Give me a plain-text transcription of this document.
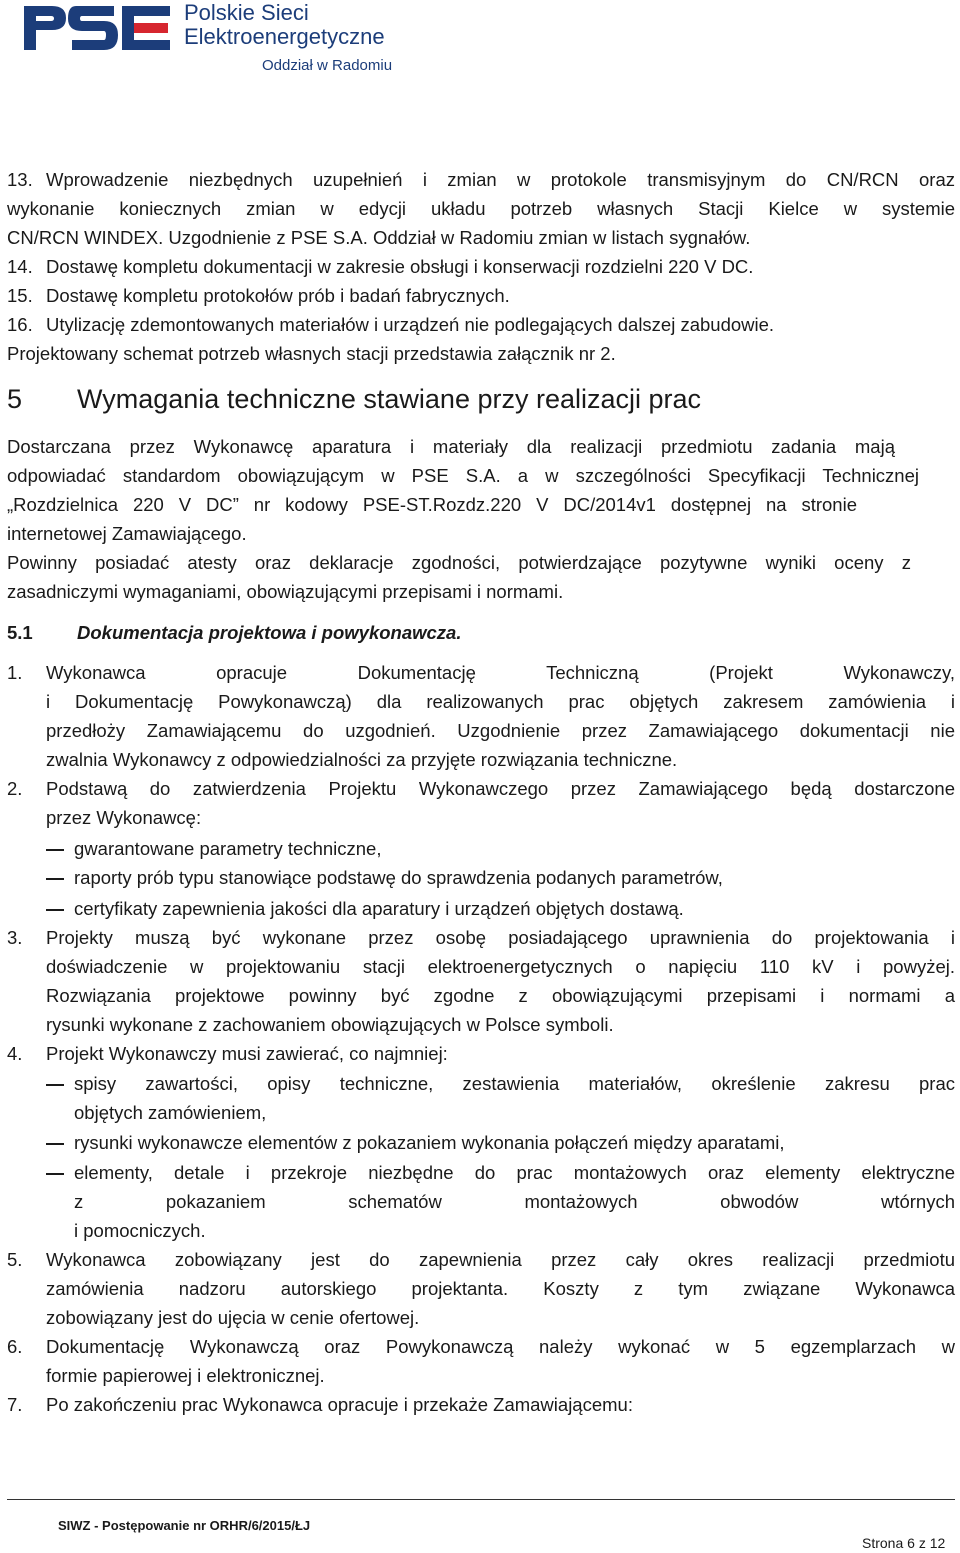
Polskie Sieci
Elektroenergetyczne
Oddział w Radomiu
13. Wprowadzenie niezbędnych uzupełnień i zmian w protokole transmisyjnym do CN/RCN oraz
wykonanie koniecznych zmian w edycji układu potrzeb własnych Stacji Kielce w systemie
CN/RCN WINDEX. Uzgodnienie z PSE S.A. Oddział w Radomiu zmian w listach sygnałów.
14. Dostawę kompletu dokumentacji w zakresie obsługi i konserwacji rozdzielni 220 V DC.
15. Dostawę kompletu protokołów prób i badań fabrycznych.
16. Utylizację zdemontowanych materiałów i urządzeń nie podlegających dalszej zabudowie.
Projektowany schemat potrzeb własnych stacji przedstawia załącznik nr 2.
5 Wymagania techniczne stawiane przy realizacji prac
Dostarczana przez Wykonawcę aparatura i materiały dla realizacji przedmiotu zadania mają
odpowiadać standardom obowiązującym w PSE S.A. a w szczególności Specyfikacji Technicznej
„Rozdzielnica 220 V DC” nr kodowy PSE-ST.Rozdz.220 V DC/2014v1 dostępnej na stronie
internetowej Zamawiającego.
Powinny posiadać atesty oraz deklaracje zgodności, potwierdzające pozytywne wyniki oceny z
zasadniczymi wymaganiami, obowiązującymi przepisami i normami.
5.1 Dokumentacja projektowa i powykonawcza.
1. Wykonawca opracuje Dokumentację Techniczną (Projekt Wykonawczy,
i Dokumentację Powykonawczą) dla realizowanych prac objętych zakresem zamówienia i
przedłoży Zamawiającemu do uzgodnień. Uzgodnienie przez Zamawiającego dokumentacji nie
zwalnia Wykonawcy z odpowiedzialności za przyjęte rozwiązania techniczne.
2. Podstawą do zatwierdzenia Projektu Wykonawczego przez Zamawiającego będą dostarczone
przez Wykonawcę:
gwarantowane parametry techniczne,
raporty prób typu stanowiące podstawę do sprawdzenia podanych parametrów,
certyfikaty zapewnienia jakości dla aparatury i urządzeń objętych dostawą.
3. Projekty muszą być wykonane przez osobę posiadającego uprawnienia do projektowania i
doświadczenie w projektowaniu stacji elektroenergetycznych o napięciu 110 kV i powyżej.
Rozwiązania projektowe powinny być zgodne z obowiązującymi przepisami i normami a
rysunki wykonane z zachowaniem obowiązujących w Polsce symboli.
4. Projekt Wykonawczy musi zawierać, co najmniej:
spisy zawartości, opisy techniczne, zestawienia materiałów, określenie zakresu prac
objętych zamówieniem,
rysunki wykonawcze elementów z pokazaniem wykonania połączeń między aparatami,
elementy, detale i przekroje niezbędne do prac montażowych oraz elementy elektryczne
z pokazaniem schematów montażowych obwodów wtórnych
i pomocniczych.
5. Wykonawca zobowiązany jest do zapewnienia przez cały okres realizacji przedmiotu
zamówienia nadzoru autorskiego projektanta. Koszty z tym związane Wykonawca
zobowiązany jest do ujęcia w cenie ofertowej.
6. Dokumentację Wykonawczą oraz Powykonawczą należy wykonać w 5 egzemplarzach w
formie papierowej i elektronicznej.
7. Po zakończeniu prac Wykonawca opracuje i przekaże Zamawiającemu:
SIWZ - Postępowanie nr ORHR/6/2015/ŁJ
Strona 6 z 12
